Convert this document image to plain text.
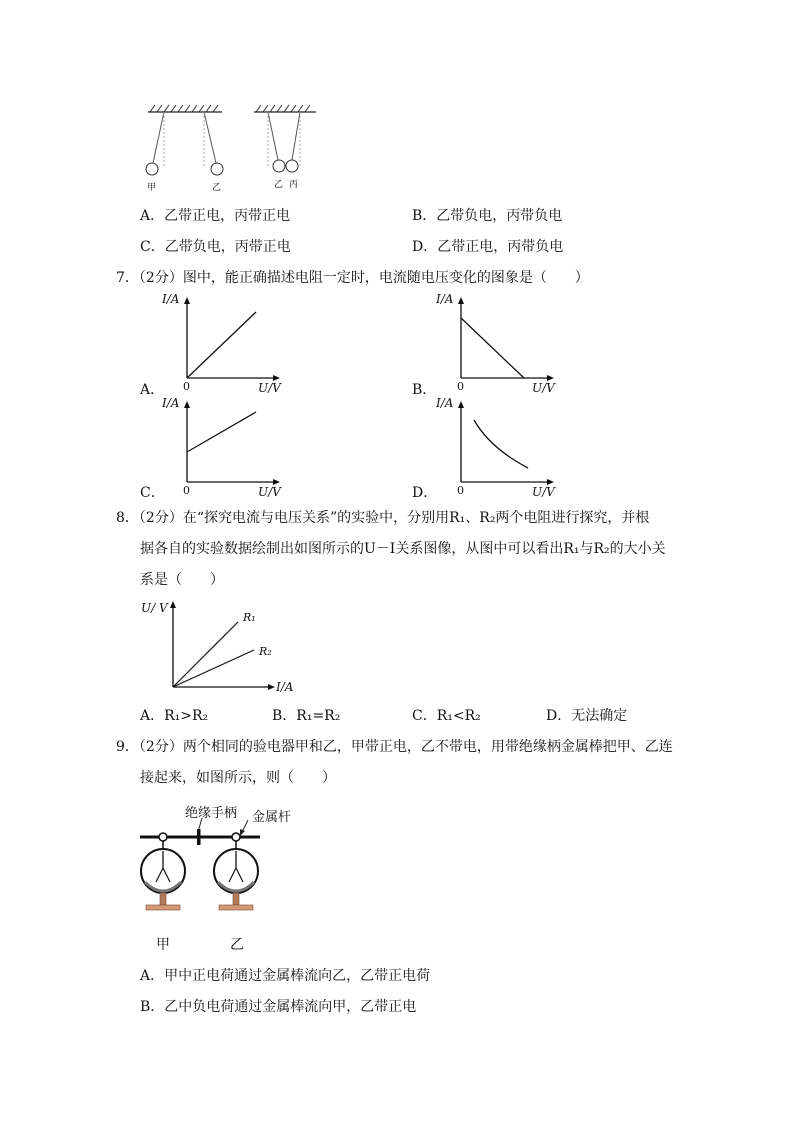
甲	乙	乙 丙
A．乙带正电，丙带正电	B．乙带负电，丙带负电
C．乙带负电，丙带正电	D．乙带正电，丙带负电
7．（2分）图中，能正确描述电阻一定时，电流随电压变化的图象是（　　）
A．
I/A
0	U/V	B．
I/A
0	U/V
C．
I/A
0	U/V	D．
I/A
0	U/V
8．（2分）在“探究电流与电压关系”的实验中，分别用R₁、R₂两个电阻进行探究，并根
据各自的实验数据绘制出如图所示的U－I关系图像，从图中可以看出R₁与R₂的大小关
系是（　　）
U/ V
I/A
R₁
R₂
A．R₁>R₂	B．R₁=R₂	C．R₁<R₂	D．无法确定
9．（2分）两个相同的验电器甲和乙，甲带正电，乙不带电，用带绝缘柄金属棒把甲、乙连
接起来，如图所示，则（　　）
绝缘手柄 金属杆
甲	乙
A．甲中正电荷通过金属棒流向乙，乙带正电荷
B．乙中负电荷通过金属棒流向甲，乙带正电
